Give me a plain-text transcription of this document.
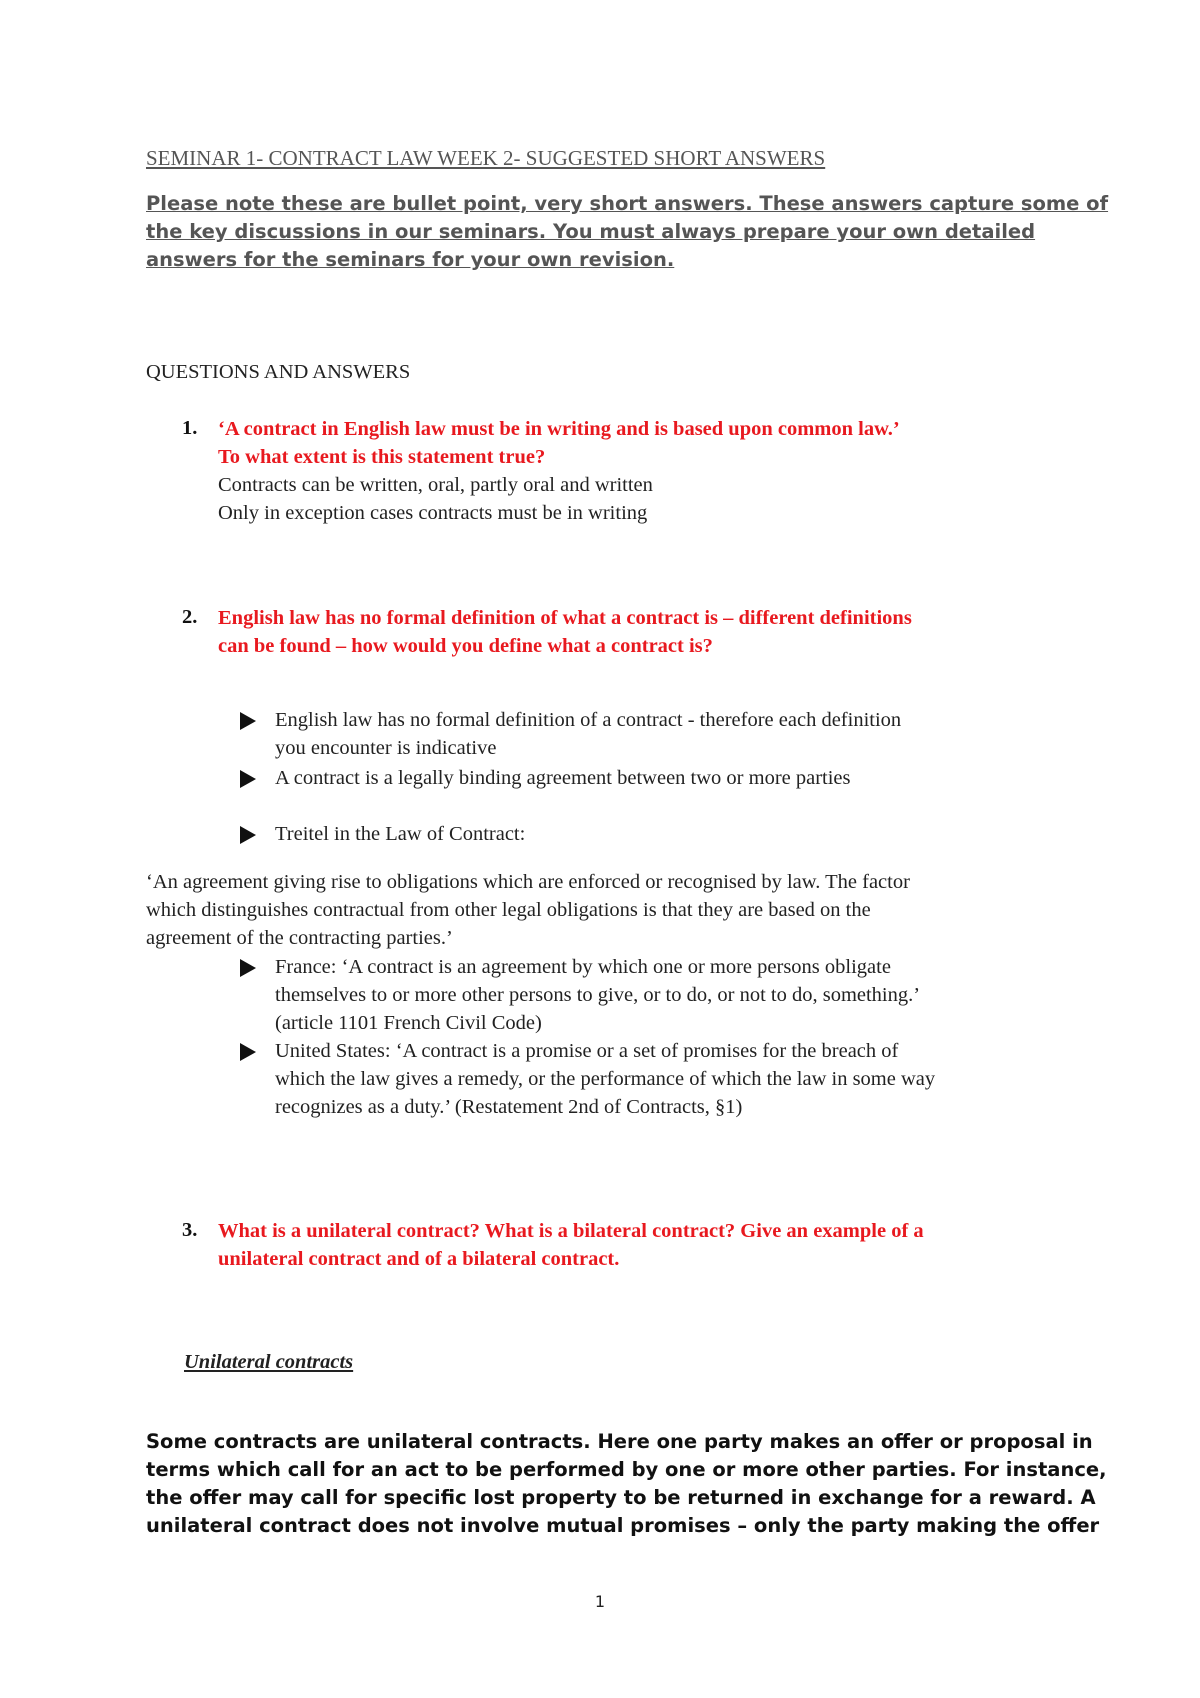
SEMINAR 1- CONTRACT LAW WEEK 2- SUGGESTED SHORT ANSWERS

Please note these are bullet point, very short answers. These answers capture some of

the key discussions in our seminars. You must always prepare your own detailed

answers for the seminars for your own revision.

QUESTIONS AND ANSWERS
1. ‘A contract in English law must be in writing and is based upon common law.’

To what extent is this statement true?

Contracts can be written, oral, partly oral and written

Only in exception cases contracts must be in writing

2. English law has no formal definition of what a contract is – different definitions

can be found – how would you define what a contract is?

English law has no formal definition of a contract - therefore each definition

you encounter is indicative

A contract is a legally binding agreement between two or more parties

Treitel in the Law of Contract:

‘An agreement giving rise to obligations which are enforced or recognised by law. The factor

which distinguishes contractual from other legal obligations is that they are based on the

agreement of the contracting parties.’

France: ‘A contract is an agreement by which one or more persons obligate

themselves to or more other persons to give, or to do, or not to do, something.’

(article 1101 French Civil Code)

United States: ‘A contract is a promise or a set of promises for the breach of

which the law gives a remedy, or the performance of which the law in some way

recognizes as a duty.’ (Restatement 2nd of Contracts, §1)

3. What is a unilateral contract? What is a bilateral contract? Give an example of a

unilateral contract and of a bilateral contract.

Unilateral contracts

Some contracts are unilateral contracts. Here one party makes an offer or proposal in

terms which call for an act to be performed by one or more other parties. For instance,

the offer may call for specific lost property to be returned in exchange for a reward. A

unilateral contract does not involve mutual promises – only the party making the offer

1
